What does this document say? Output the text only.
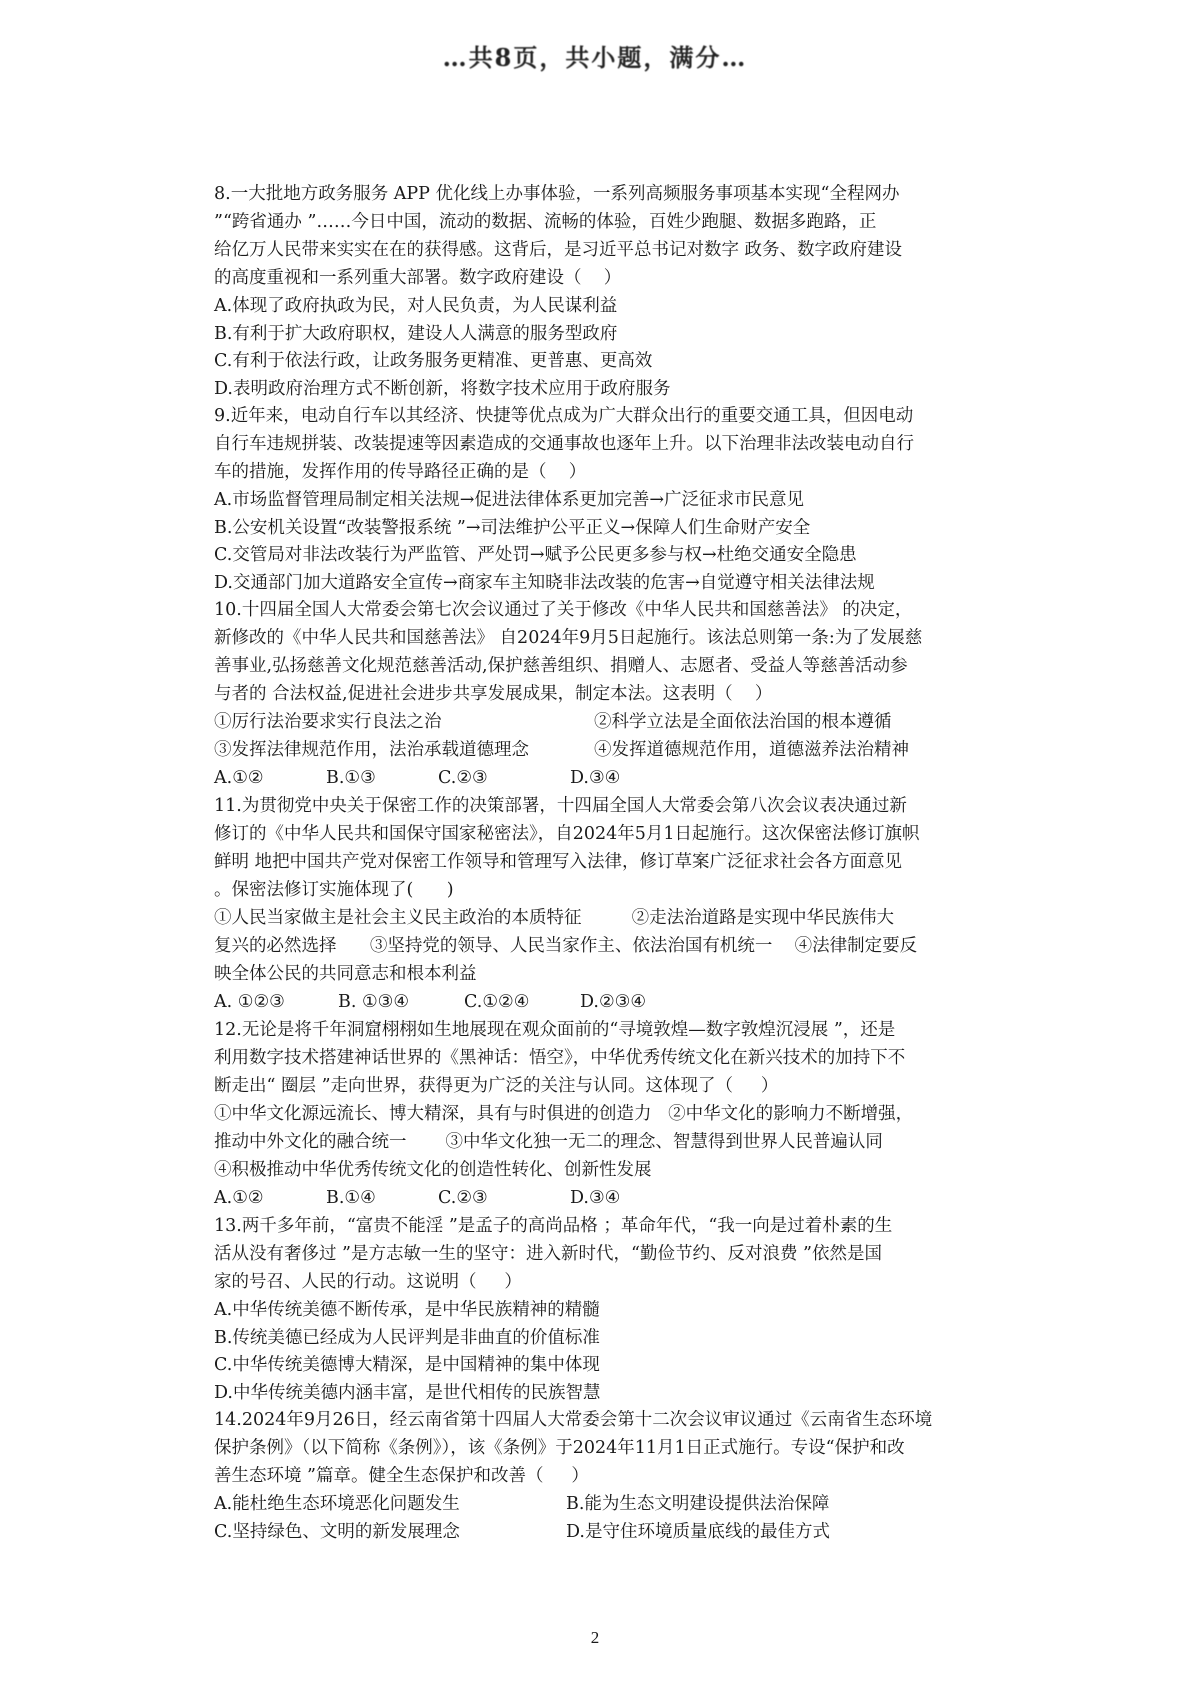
…共8页，共小题，满分…
8.一大批地方政务服务 APP 优化线上办事体验，一系列高频服务事项基本实现“全程网办
”“跨省通办 ”……今日中国，流动的数据、流畅的体验，百姓少跑腿、数据多跑路，正
给亿万人民带来实实在在的获得感。这背后，是习近平总书记对数字 政务、数字政府建设
的高度重视和一系列重大部署。数字政府建设（    ）
A.体现了政府执政为民，对人民负责，为人民谋利益
B.有利于扩大政府职权，建设人人满意的服务型政府
C.有利于依法行政，让政务服务更精准、更普惠、更高效
D.表明政府治理方式不断创新，将数字技术应用于政府服务
9.近年来，电动自行车以其经济、快捷等优点成为广大群众出行的重要交通工具，但因电动
自行车违规拼装、改装提速等因素造成的交通事故也逐年上升。以下治理非法改装电动自行
车的措施，发挥作用的传导路径正确的是（    ）
A.市场监督管理局制定相关法规→促进法律体系更加完善→广泛征求市民意见
B.公安机关设置“改装警报系统 ”→司法维护公平正义→保障人们生命财产安全
C.交管局对非法改装行为严监管、严处罚→赋予公民更多参与权→杜绝交通安全隐患
D.交通部门加大道路安全宣传→商家车主知晓非法改装的危害→自觉遵守相关法律法规
10.十四届全国人大常委会第七次会议通过了关于修改《中华人民共和国慈善法》 的决定，
新修改的《中华人民共和国慈善法》 自2024年9月5日起施行。该法总则第一条:为了发展慈
善事业,弘扬慈善文化规范慈善活动,保护慈善组织、捐赠人、志愿者、受益人等慈善活动参
与者的 合法权益,促进社会进步共享发展成果，制定本法。这表明（    ）
①厉行法治要求实行良法之治	②科学立法是全面依法治国的根本遵循
③发挥法律规范作用，法治承载道德理念	④发挥道德规范作用，道德滋养法治精神
A.①②	B.①③	C.②③	D.③④
11.为贯彻党中央关于保密工作的决策部署，十四届全国人大常委会第八次会议表决通过新
修订的《中华人民共和国保守国家秘密法》，自2024年5月1日起施行。这次保密法修订旗帜
鲜明 地把中国共产党对保密工作领导和管理写入法律，修订草案广泛征求社会各方面意见
。保密法修订实施体现了(      )
①人民当家做主是社会主义民主政治的本质特征         ②走法治道路是实现中华民族伟大
复兴的必然选择      ③坚持党的领导、人民当家作主、依法治国有机统一    ④法律制定要反
映全体公民的共同意志和根本利益
A. ①②③	B. ①③④	C.①②④	D.②③④
12.无论是将千年洞窟栩栩如生地展现在观众面前的“寻境敦煌—数字敦煌沉浸展 ”，还是
利用数字技术搭建神话世界的《黑神话：悟空》，中华优秀传统文化在新兴技术的加持下不
断走出“ 圈层 ”走向世界，获得更为广泛的关注与认同。这体现了（     ）
①中华文化源远流长、博大精深，具有与时俱进的创造力   ②中华文化的影响力不断增强，
推动中外文化的融合统一       ③中华文化独一无二的理念、智慧得到世界人民普遍认同
④积极推动中华优秀传统文化的创造性转化、创新性发展
A.①②	B.①④	C.②③	D.③④
13.两千多年前，“富贵不能淫 ”是孟子的高尚品格 ；革命年代，“我一向是过着朴素的生
活从没有奢侈过 ”是方志敏一生的坚守：进入新时代，“勤俭节约、反对浪费 ”依然是国
家的号召、人民的行动。这说明（     ）
A.中华传统美德不断传承，是中华民族精神的精髓
B.传统美德已经成为人民评判是非曲直的价值标准
C.中华传统美德博大精深，是中国精神的集中体现
D.中华传统美德内涵丰富，是世代相传的民族智慧
14.2024年9月26日，经云南省第十四届人大常委会第十二次会议审议通过《云南省生态环境
保护条例》（以下简称《条例》），该《条例》于2024年11月1日正式施行。专设“保护和改
善生态环境 ”篇章。健全生态保护和改善（     ）
A.能杜绝生态环境恶化问题发生	B.能为生态文明建设提供法治保障
C.坚持绿色、文明的新发展理念	D.是守住环境质量底线的最佳方式
2
